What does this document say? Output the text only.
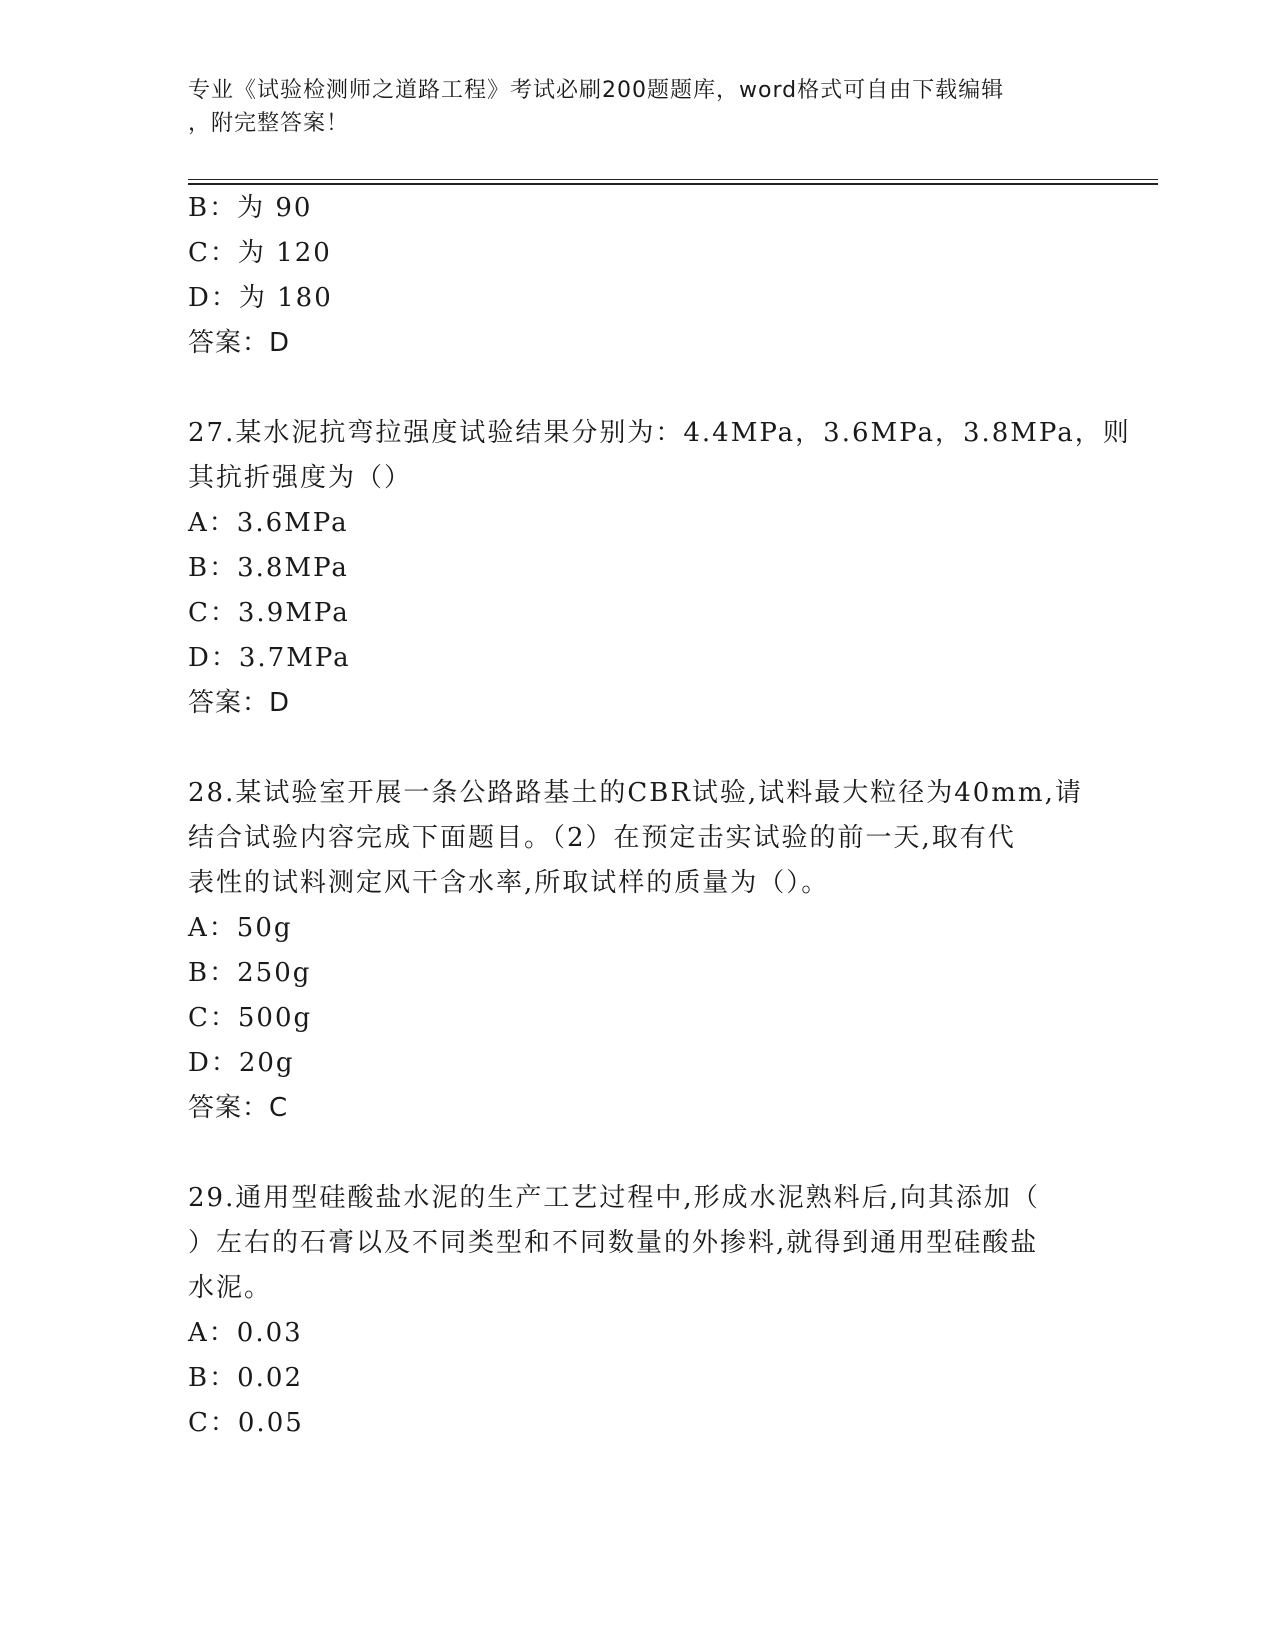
专业《试验检测师之道路工程》考试必刷200题题库，word格式可自由下载编辑
，附完整答案！
B：为 90
C：为 120
D：为 180
答案：D
27.某水泥抗弯拉强度试验结果分别为：4.4MPa，3.6MPa，3.8MPa，则
其抗折强度为（）
A：3.6MPa
B：3.8MPa
C：3.9MPa
D：3.7MPa
答案：D
28.某试验室开展一条公路路基土的CBR试验,试料最大粒径为40mm,请
结合试验内容完成下面题目。（2）在预定击实试验的前一天,取有代
表性的试料测定风干含水率,所取试样的质量为（）。
A：50g
B：250g
C：500g
D：20g
答案：C
29.通用型硅酸盐水泥的生产工艺过程中,形成水泥熟料后,向其添加（
）左右的石膏以及不同类型和不同数量的外掺料,就得到通用型硅酸盐
水泥。
A：0.03
B：0.02
C：0.05
